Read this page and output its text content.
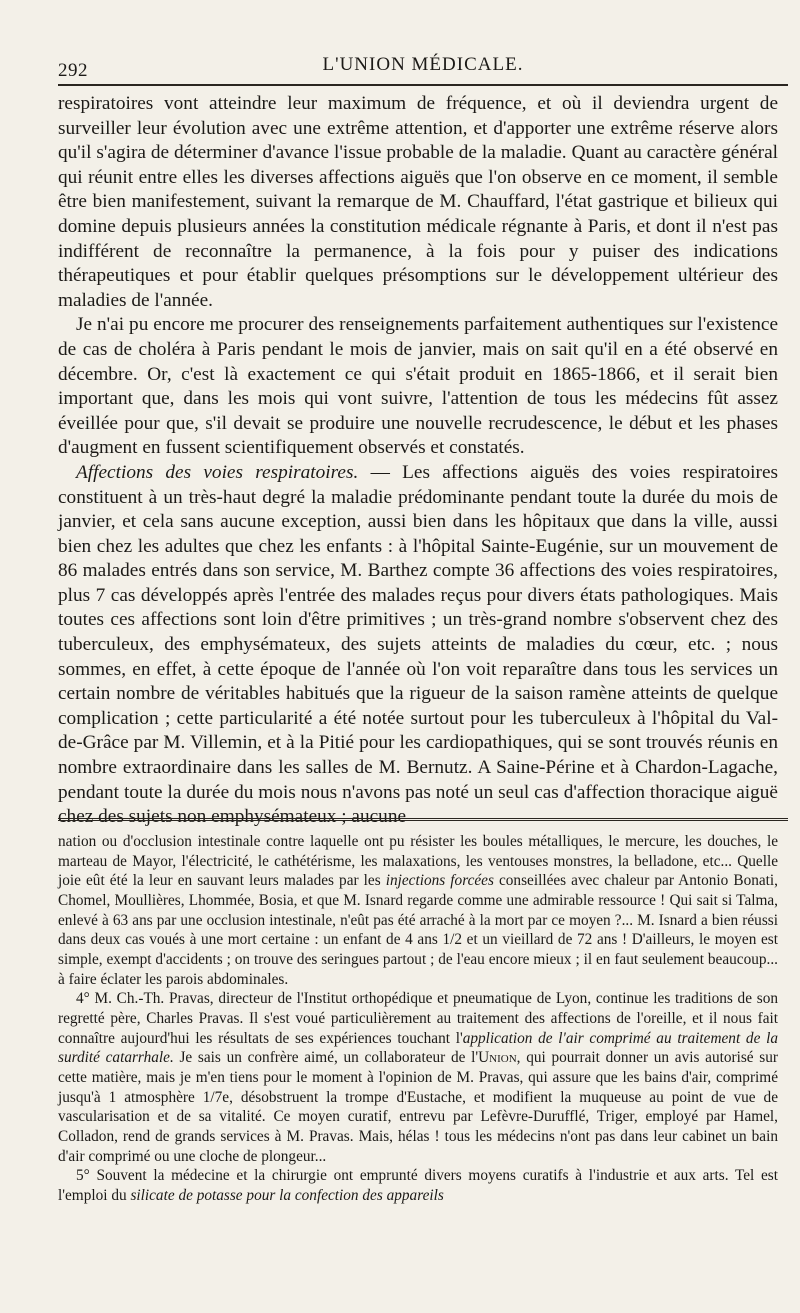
292	L'UNION MÉDICALE.

respiratoires vont atteindre leur maximum de fréquence, et où il deviendra urgent de surveiller leur évolution avec une extrême attention, et d'apporter une extrême réserve alors qu'il s'agira de déterminer d'avance l'issue probable de la maladie. Quant au caractère général qui réunit entre elles les diverses affections aiguës que l'on observe en ce moment, il semble être bien manifestement, suivant la remarque de M. Chauffard, l'état gastrique et bilieux qui domine depuis plusieurs années la constitution médicale régnante à Paris, et dont il n'est pas indifférent de reconnaître la permanence, à la fois pour y puiser des indications thérapeutiques et pour établir quelques présomptions sur le développement ultérieur des maladies de l'année.

Je n'ai pu encore me procurer des renseignements parfaitement authentiques sur l'existence de cas de choléra à Paris pendant le mois de janvier, mais on sait qu'il en a été observé en décembre. Or, c'est là exactement ce qui s'était produit en 1865-1866, et il serait bien important que, dans les mois qui vont suivre, l'attention de tous les médecins fût assez éveillée pour que, s'il devait se produire une nouvelle recrudescence, le début et les phases d'augment en fussent scientifiquement observés et constatés.

Affections des voies respiratoires. — Les affections aiguës des voies respiratoires constituent à un très-haut degré la maladie prédominante pendant toute la durée du mois de janvier, et cela sans aucune exception, aussi bien dans les hôpitaux que dans la ville, aussi bien chez les adultes que chez les enfants : à l'hôpital Sainte-Eugénie, sur un mouvement de 86 malades entrés dans son service, M. Barthez compte 36 affections des voies respiratoires, plus 7 cas développés après l'entrée des malades reçus pour divers états pathologiques. Mais toutes ces affections sont loin d'être primitives ; un très-grand nombre s'observent chez des tuberculeux, des emphysémateux, des sujets atteints de maladies du cœur, etc. ; nous sommes, en effet, à cette époque de l'année où l'on voit reparaître dans tous les services un certain nombre de véritables habitués que la rigueur de la saison ramène atteints de quelque complication ; cette particularité a été notée surtout pour les tuberculeux à l'hôpital du Val-de-Grâce par M. Villemin, et à la Pitié pour les cardiopathiques, qui se sont trouvés réunis en nombre extraordinaire dans les salles de M. Bernutz. A Saine-Périne et à Chardon-Lagache, pendant toute la durée du mois nous n'avons pas noté un seul cas d'affection thoracique aiguë chez des sujets non emphysémateux ; aucune

nation ou d'occlusion intestinale contre laquelle ont pu résister les boules métalliques, le mercure, les douches, le marteau de Mayor, l'électricité, le cathétérisme, les malaxations, les ventouses monstres, la belladone, etc... Quelle joie eût été la leur en sauvant leurs malades par les injections forcées conseillées avec chaleur par Antonio Bonati, Chomel, Moullières, Lhommée, Bosia, et que M. Isnard regarde comme une admirable ressource ! Qui sait si Talma, enlevé à 63 ans par une occlusion intestinale, n'eût pas été arraché à la mort par ce moyen ?... M. Isnard a bien réussi dans deux cas voués à une mort certaine : un enfant de 4 ans 1/2 et un vieillard de 72 ans ! D'ailleurs, le moyen est simple, exempt d'accidents ; on trouve des seringues partout ; de l'eau encore mieux ; il en faut seulement beaucoup... à faire éclater les parois abdominales.

4° M. Ch.-Th. Pravas, directeur de l'Institut orthopédique et pneumatique de Lyon, continue les traditions de son regretté père, Charles Pravas. Il s'est voué particulièrement au traitement des affections de l'oreille, et il nous fait connaître aujourd'hui les résultats de ses expériences touchant l'application de l'air comprimé au traitement de la surdité catarrhale. Je sais un confrère aimé, un collaborateur de l'Union, qui pourrait donner un avis autorisé sur cette matière, mais je m'en tiens pour le moment à l'opinion de M. Pravas, qui assure que les bains d'air, comprimé jusqu'à 1 atmosphère 1/7e, désobstruent la trompe d'Eustache, et modifient la muqueuse au point de vue de vascularisation et de sa vitalité. Ce moyen curatif, entrevu par Lefèvre-Durufflé, Triger, employé par Hamel, Colladon, rend de grands services à M. Pravas. Mais, hélas ! tous les médecins n'ont pas dans leur cabinet un bain d'air comprimé ou une cloche de plongeur...

5° Souvent la médecine et la chirurgie ont emprunté divers moyens curatifs à l'industrie et aux arts. Tel est l'emploi du silicate de potasse pour la confection des appareils
